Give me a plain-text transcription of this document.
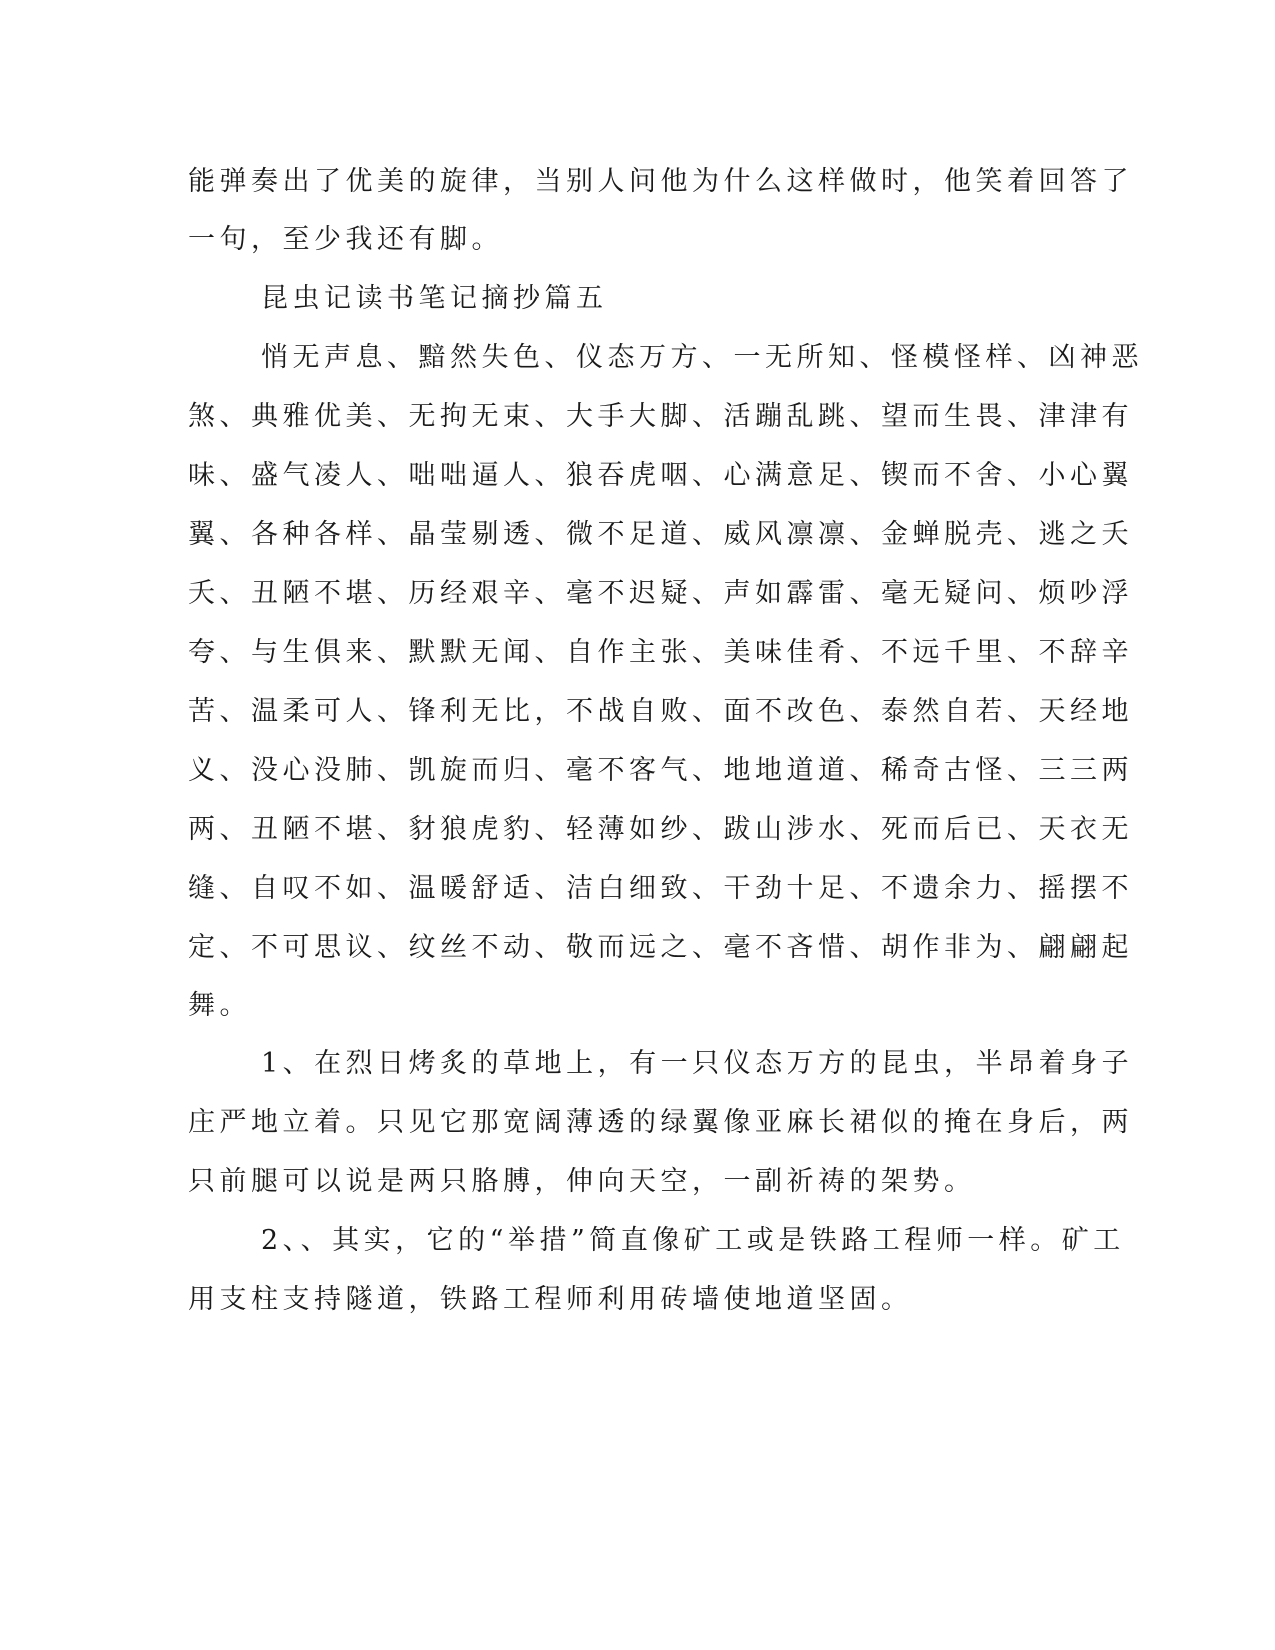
能弹奏出了优美的旋律，当别人问他为什么这样做时，他笑着回答了

一句，至少我还有脚。

昆虫记读书笔记摘抄篇五

悄无声息、黯然失色、仪态万方、一无所知、怪模怪样、凶神恶

煞、典雅优美、无拘无束、大手大脚、活蹦乱跳、望而生畏、津津有

味、盛气凌人、咄咄逼人、狼吞虎咽、心满意足、锲而不舍、小心翼

翼、各种各样、晶莹剔透、微不足道、威风凛凛、金蝉脱壳、逃之夭

夭、丑陋不堪、历经艰辛、毫不迟疑、声如霹雷、毫无疑问、烦吵浮

夸、与生俱来、默默无闻、自作主张、美味佳肴、不远千里、不辞辛

苦、温柔可人、锋利无比，不战自败、面不改色、泰然自若、天经地

义、没心没肺、凯旋而归、毫不客气、地地道道、稀奇古怪、三三两

两、丑陋不堪、豺狼虎豹、轻薄如纱、跋山涉水、死而后已、天衣无

缝、自叹不如、温暖舒适、洁白细致、干劲十足、不遗余力、摇摆不

定、不可思议、纹丝不动、敬而远之、毫不吝惜、胡作非为、翩翩起

舞。

1、在烈日烤炙的草地上，有一只仪态万方的昆虫，半昂着身子

庄严地立着。只见它那宽阔薄透的绿翼像亚麻长裙似的掩在身后，两

只前腿可以说是两只胳膊，伸向天空，一副祈祷的架势。

2、、其实，它的“举措”简直像矿工或是铁路工程师一样。矿工

用支柱支持隧道，铁路工程师利用砖墙使地道坚固。
